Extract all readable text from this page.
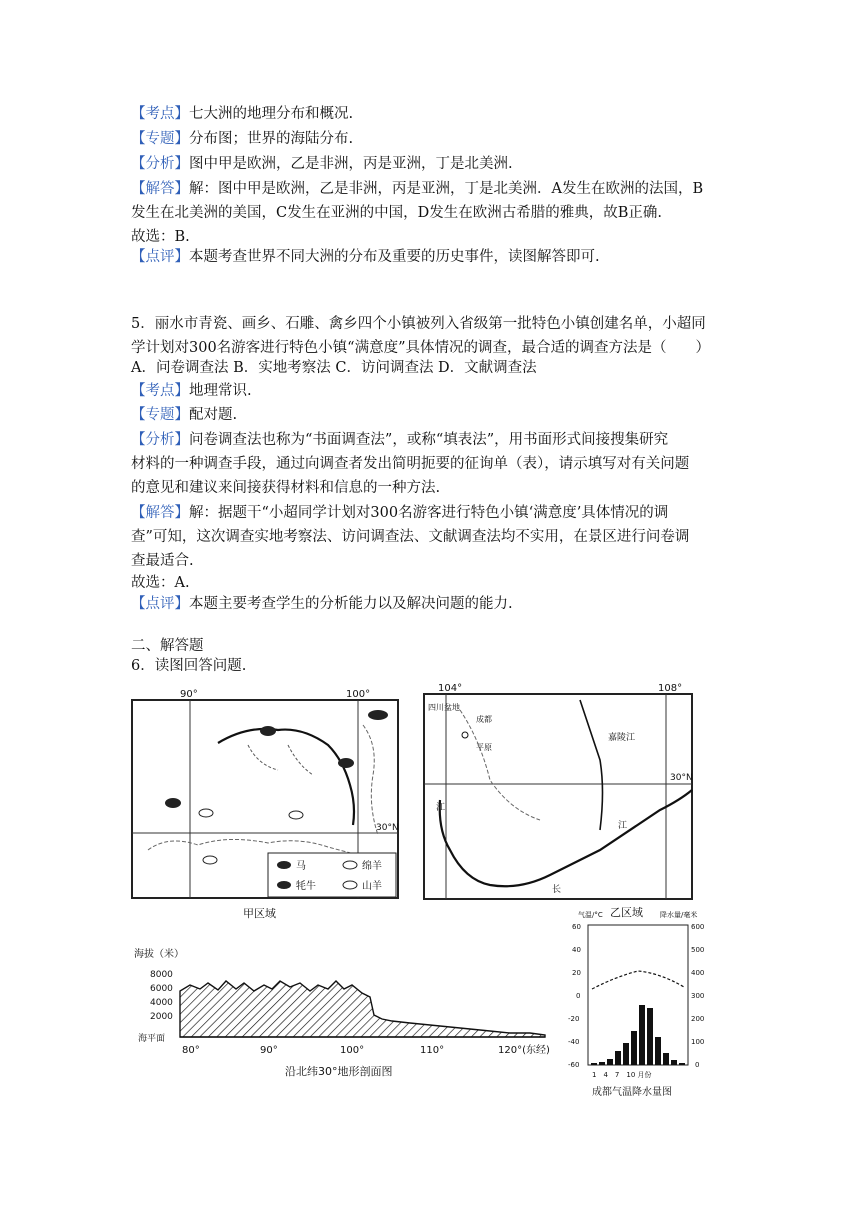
【考点】七大洲的地理分布和概况.
【专题】分布图；世界的海陆分布.
【分析】图中甲是欧洲，乙是非洲，丙是亚洲，丁是北美洲.
【解答】解：图中甲是欧洲，乙是非洲，丙是亚洲，丁是北美洲．A发生在欧洲的法国，B
发生在北美洲的美国，C发生在亚洲的中国，D发生在欧洲古希腊的雅典，故B正确.
故选：B.
【点评】本题考查世界不同大洲的分布及重要的历史事件，读图解答即可.
5．丽水市青瓷、画乡、石雕、禽乡四个小镇被列入省级第一批特色小镇创建名单，小超同
学计划对300名游客进行特色小镇“满意度”具体情况的调查，最合适的调查方法是（　　）
A．问卷调查法 B．实地考察法 C．访问调查法 D．文献调查法
【考点】地理常识.
【专题】配对题.
【分析】问卷调查法也称为“书面调查法”，或称“填表法”，用书面形式间接搜集研究
材料的一种调查手段，通过向调查者发出简明扼要的征询单（表），请示填写对有关问题
的意见和建议来间接获得材料和信息的一种方法.
【解答】解：据题干“小超同学计划对300名游客进行特色小镇‘满意度’具体情况的调
查”可知，这次调查实地考察法、访问调查法、文献调查法均不实用，在景区进行问卷调
查最适合.
故选：A.
【点评】本题主要考查学生的分析能力以及解决问题的能力.
二、解答题
6．读图回答问题.
90°	100°
30°N
马	绵羊
牦牛	山羊
甲区域
104°	108°
30°N
四川盆地
成都
平原
嘉陵江
江
长
江
乙区域
海拔（米）
8000
6000
4000
2000
海平面
80°	90°	100°	110°	120°(东经)
沿北纬30°地形剖面图
气温/°C	降水量/毫米
60
40
20
0
-20
-40
-60
600
500
400
300
200
100
0
1　4　7　10 月份
成都气温降水量图
